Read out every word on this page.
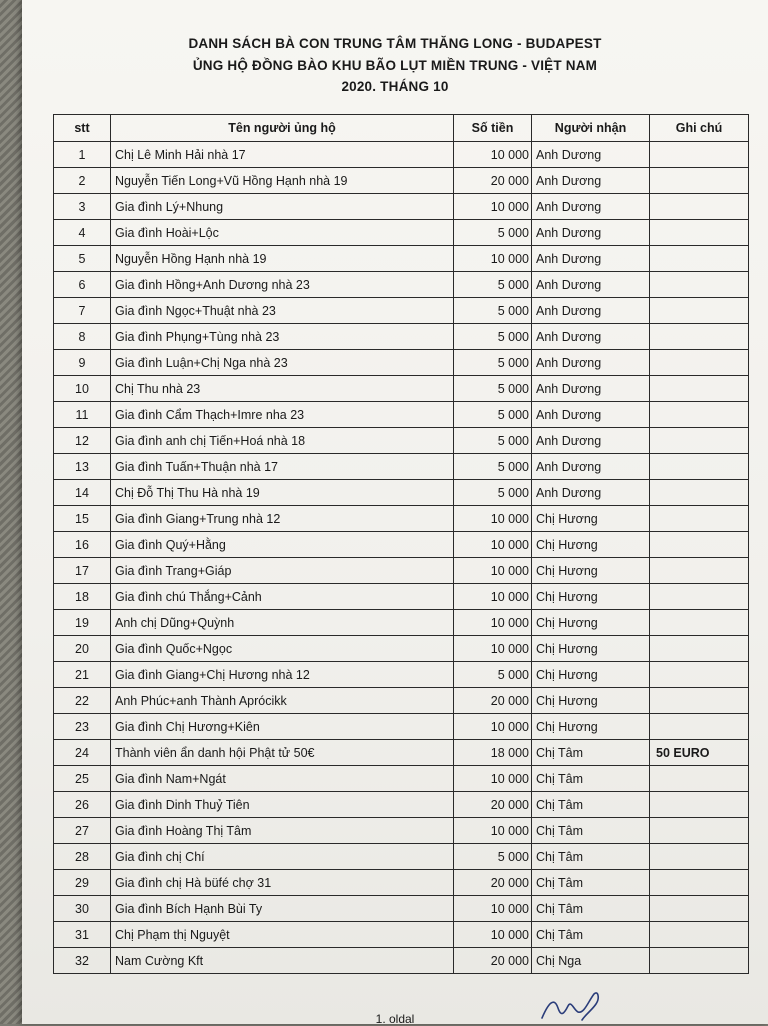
DANH SÁCH BÀ CON TRUNG TÂM THĂNG LONG - BUDAPEST
ỦNG HỘ ĐỒNG BÀO KHU BÃO LỤT MIỀN TRUNG - VIỆT NAM
2020. THÁNG 10
stt	Tên người ủng hộ	Số tiền	Người nhận	Ghi chú
1	Chị Lê Minh Hải nhà 17	10 000	Anh Dương	
2	Nguyễn Tiến Long+Vũ Hồng Hạnh nhà 19	20 000	Anh Dương	
3	Gia đình Lý+Nhung	10 000	Anh Dương	
4	Gia đình Hoài+Lộc	5 000	Anh Dương	
5	Nguyễn Hồng Hạnh nhà 19	10 000	Anh Dương	
6	Gia đình Hồng+Anh Dương nhà 23	5 000	Anh Dương	
7	Gia đình Ngọc+Thuật nhà 23	5 000	Anh Dương	
8	Gia đình Phụng+Tùng nhà 23	5 000	Anh Dương	
9	Gia đình Luận+Chị Nga nhà 23	5 000	Anh Dương	
10	Chị Thu nhà 23	5 000	Anh Dương	
11	Gia đình Cẩm Thạch+Imre nha 23	5 000	Anh Dương	
12	Gia đình anh chị Tiến+Hoá nhà 18	5 000	Anh Dương	
13	Gia đình Tuấn+Thuận nhà 17	5 000	Anh Dương	
14	Chị Đỗ Thị Thu Hà nhà 19	5 000	Anh Dương	
15	Gia đình Giang+Trung nhà 12	10 000	Chị Hương	
16	Gia đình Quý+Hằng	10 000	Chị Hương	
17	Gia đình Trang+Giáp	10 000	Chị Hương	
18	Gia đình chú Thắng+Cảnh	10 000	Chị Hương	
19	Anh chị Dũng+Quỳnh	10 000	Chị Hương	
20	Gia đình Quốc+Ngọc	10 000	Chị Hương	
21	Gia đình Giang+Chị Hương nhà 12	5 000	Chị Hương	
22	Anh Phúc+anh Thành Aprócikk	20 000	Chị Hương	
23	Gia đình Chị Hương+Kiên	10 000	Chị Hương	
24	Thành viên ẩn danh hội Phật tử 50€	18 000	Chị Tâm	50 EURO
25	Gia đình Nam+Ngát	10 000	Chị Tâm	
26	Gia đình Dinh Thuỷ Tiên	20 000	Chị Tâm	
27	Gia đình Hoàng Thị Tâm	10 000	Chị Tâm	
28	Gia đình chị Chí	5 000	Chị Tâm	
29	Gia đình chị Hà büfé chợ 31	20 000	Chị Tâm	
30	Gia đình Bích Hạnh Bùi Ty	10 000	Chị Tâm	
31	Chị Phạm thị Nguyệt	10 000	Chị Tâm	
32	Nam Cường Kft	20 000	Chị Nga	
1. oldal
